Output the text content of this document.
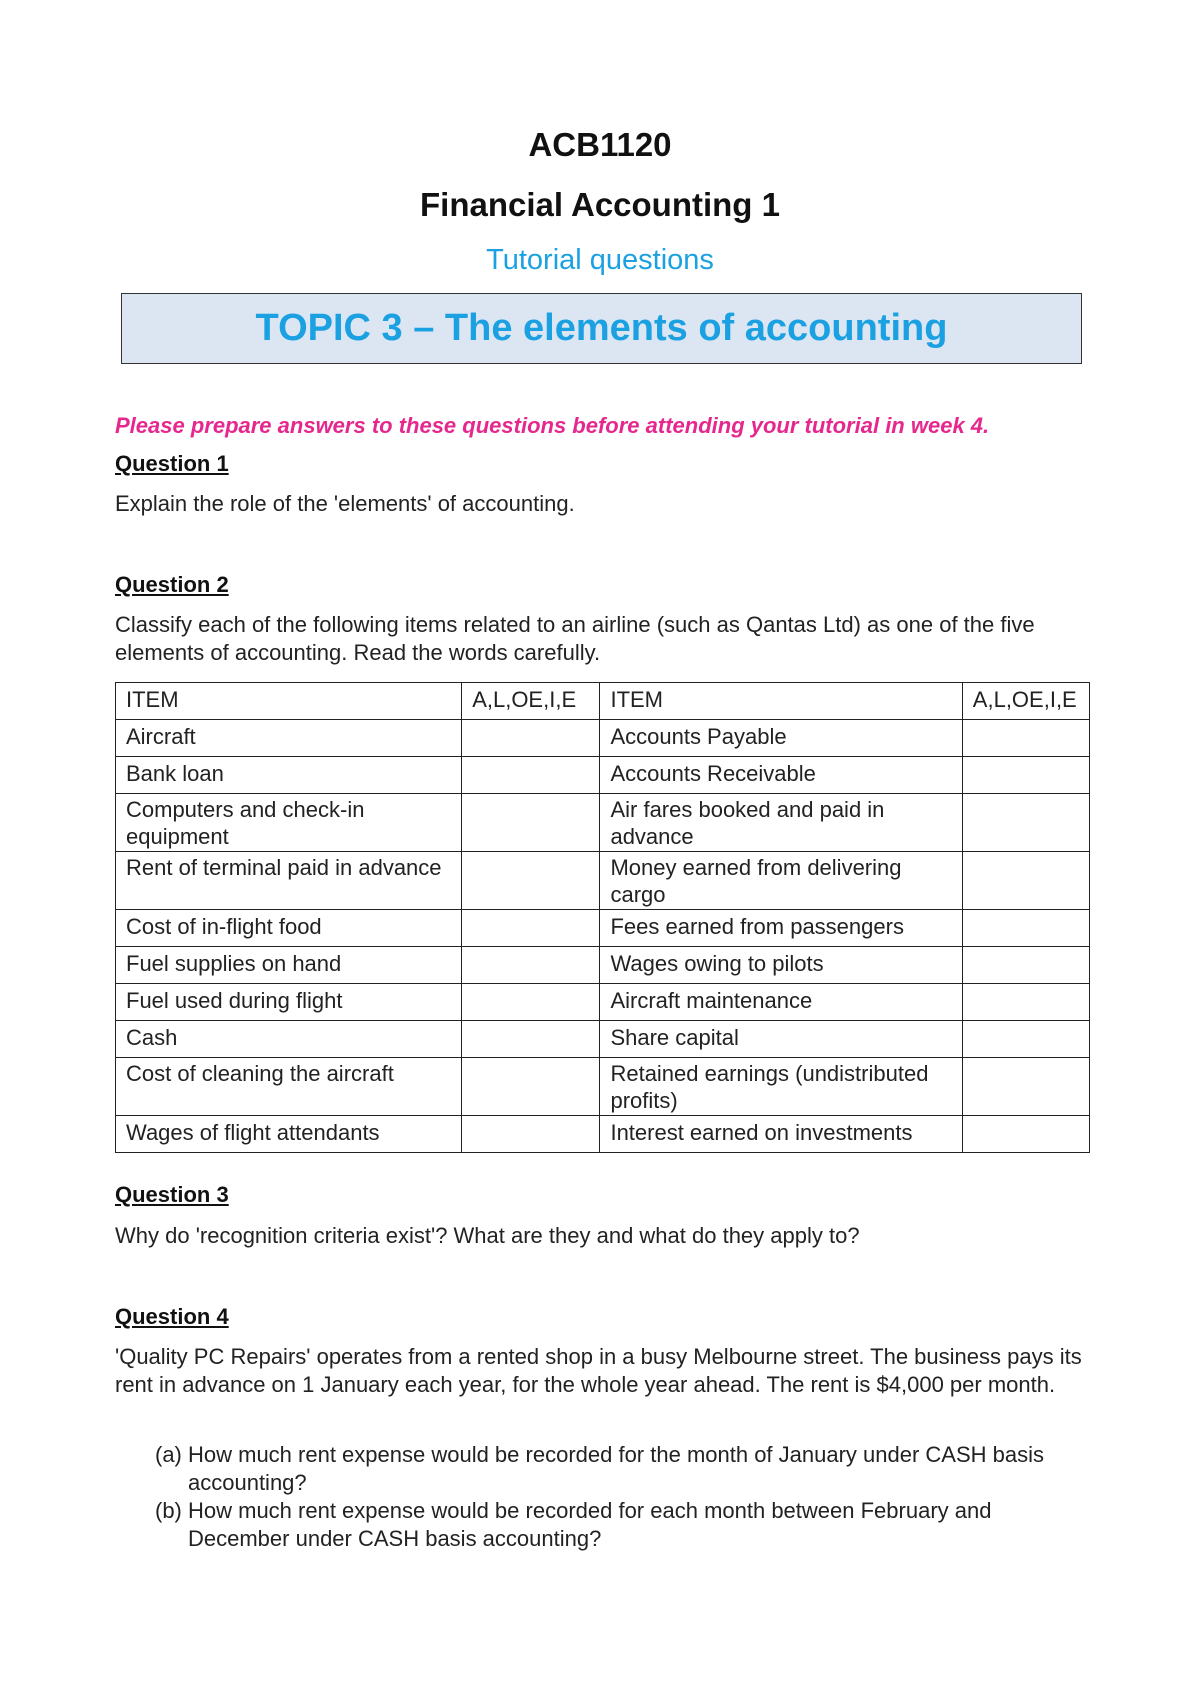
ACB1120
Financial Accounting 1
Tutorial questions
TOPIC 3 – The elements of accounting
Please prepare answers to these questions before attending your tutorial in week 4.
Question 1
Explain the role of the 'elements' of accounting.
Question 2
Classify each of the following items related to an airline (such as Qantas Ltd) as one of the five elements of accounting. Read the words carefully.
ITEM	A,L,OE,I,E	ITEM	A,L,OE,I,E
Aircraft		Accounts Payable	
Bank loan		Accounts Receivable	
Computers and check-in equipment		Air fares booked and paid in advance	
Rent of terminal paid in advance		Money earned from delivering cargo	
Cost of in-flight food		Fees earned from passengers	
Fuel supplies on hand		Wages owing to pilots	
Fuel used during flight		Aircraft maintenance	
Cash		Share capital	
Cost of cleaning the aircraft		Retained earnings (undistributed profits)	
Wages of flight attendants		Interest earned on investments	
Question 3
Why do 'recognition criteria exist'? What are they and what do they apply to?
Question 4
'Quality PC Repairs' operates from a rented shop in a busy Melbourne street. The business pays its rent in advance on 1 January each year, for the whole year ahead. The rent is $4,000 per month.
(a) How much rent expense would be recorded for the month of January under CASH basis accounting?
(b) How much rent expense would be recorded for each month between February and December under CASH basis accounting?
